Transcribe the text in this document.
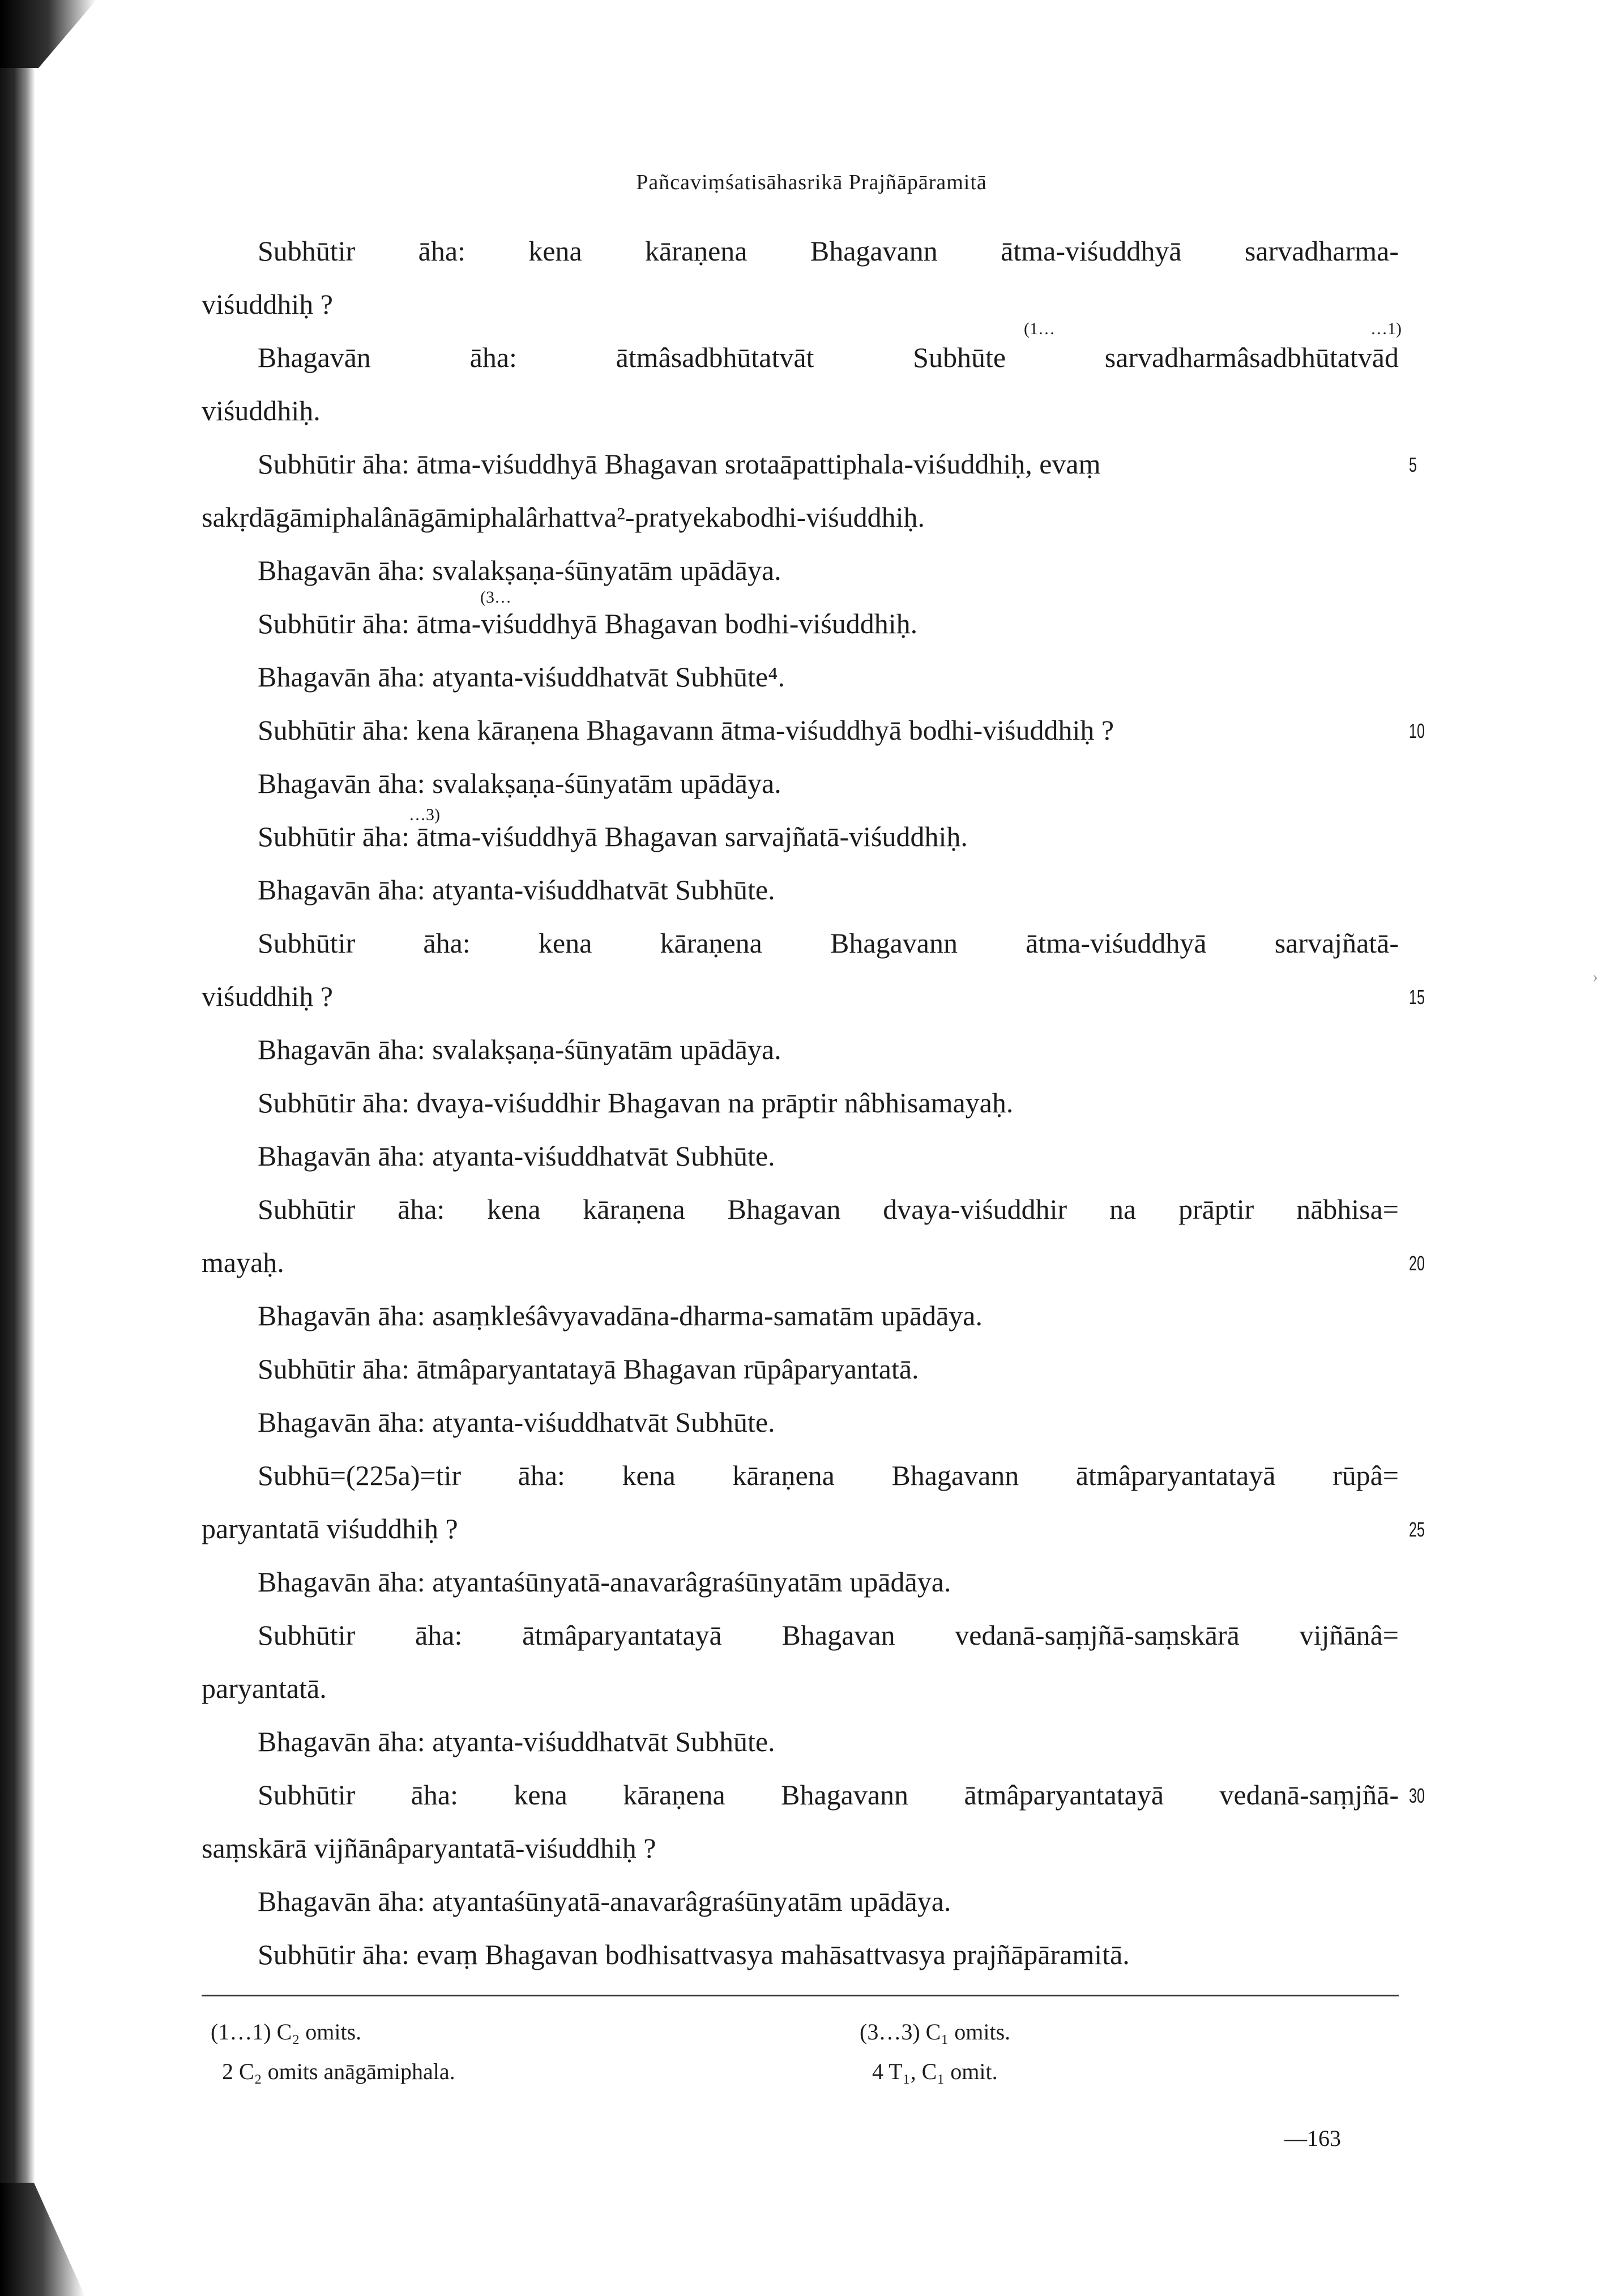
Pañcaviṃśatisāhasrikā Prajñāpāramitā
Subhūtir āha: kena kāraṇena Bhagavann ātma-viśuddhyā sarvadharma-
viśuddhiḥ ?
Bhagavān āha: ātmâsadbhūtatvāt Subhūte sarvadharmâsadbhūtatvād
viśuddhiḥ.
Subhūtir āha: ātma-viśuddhyā Bhagavan srotaāpattiphala-viśuddhiḥ, evaṃ
sakṛdāgāmiphalânāgāmiphalârhattva²-pratyekabodhi-viśuddhiḥ.
Bhagavān āha: svalakṣaṇa-śūnyatām upādāya.
Subhūtir āha: ātma-viśuddhyā Bhagavan bodhi-viśuddhiḥ.
Bhagavān āha: atyanta-viśuddhatvāt Subhūte⁴.
Subhūtir āha: kena kāraṇena Bhagavann ātma-viśuddhyā bodhi-viśuddhiḥ ?
Bhagavān āha: svalakṣaṇa-śūnyatām upādāya.
Subhūtir āha: ātma-viśuddhyā Bhagavan sarvajñatā-viśuddhiḥ.
Bhagavān āha: atyanta-viśuddhatvāt Subhūte.
Subhūtir āha: kena kāraṇena Bhagavann ātma-viśuddhyā sarvajñatā-
viśuddhiḥ ?
Bhagavān āha: svalakṣaṇa-śūnyatām upādāya.
Subhūtir āha: dvaya-viśuddhir Bhagavan na prāptir nâbhisamayaḥ.
Bhagavān āha: atyanta-viśuddhatvāt Subhūte.
Subhūtir āha: kena kāraṇena Bhagavan dvaya-viśuddhir na prāptir nābhisa=
mayaḥ.
Bhagavān āha: asaṃkleśâvyavadāna-dharma-samatām upādāya.
Subhūtir āha: ātmâparyantatayā Bhagavan rūpâparyantatā.
Bhagavān āha: atyanta-viśuddhatvāt Subhūte.
Subhū=(225a)=tir āha: kena kāraṇena Bhagavann ātmâparyantatayā rūpâ=
paryantatā viśuddhiḥ ?
Bhagavān āha: atyantaśūnyatā-anavarâgraśūnyatām upādāya.
Subhūtir āha: ātmâparyantatayā Bhagavan vedanā-saṃjñā-saṃskārā vijñānâ=
paryantatā.
Bhagavān āha: atyanta-viśuddhatvāt Subhūte.
Subhūtir āha: kena kāraṇena Bhagavann ātmâparyantatayā vedanā-saṃjñā-
saṃskārā vijñānâparyantatā-viśuddhiḥ ?
Bhagavān āha: atyantaśūnyatā-anavarâgraśūnyatām upādāya.
Subhūtir āha: evaṃ Bhagavan bodhisattvasya mahāsattvasya prajñāpāramitā.
(1…	…1)
(3…
…3)
5
10
15
20
25
30
›
(1…1) C₂ omits.
2 C₂ omits anāgāmiphala.
(3…3) C₁ omits.
4 T₁, C₁ omit.
—163
